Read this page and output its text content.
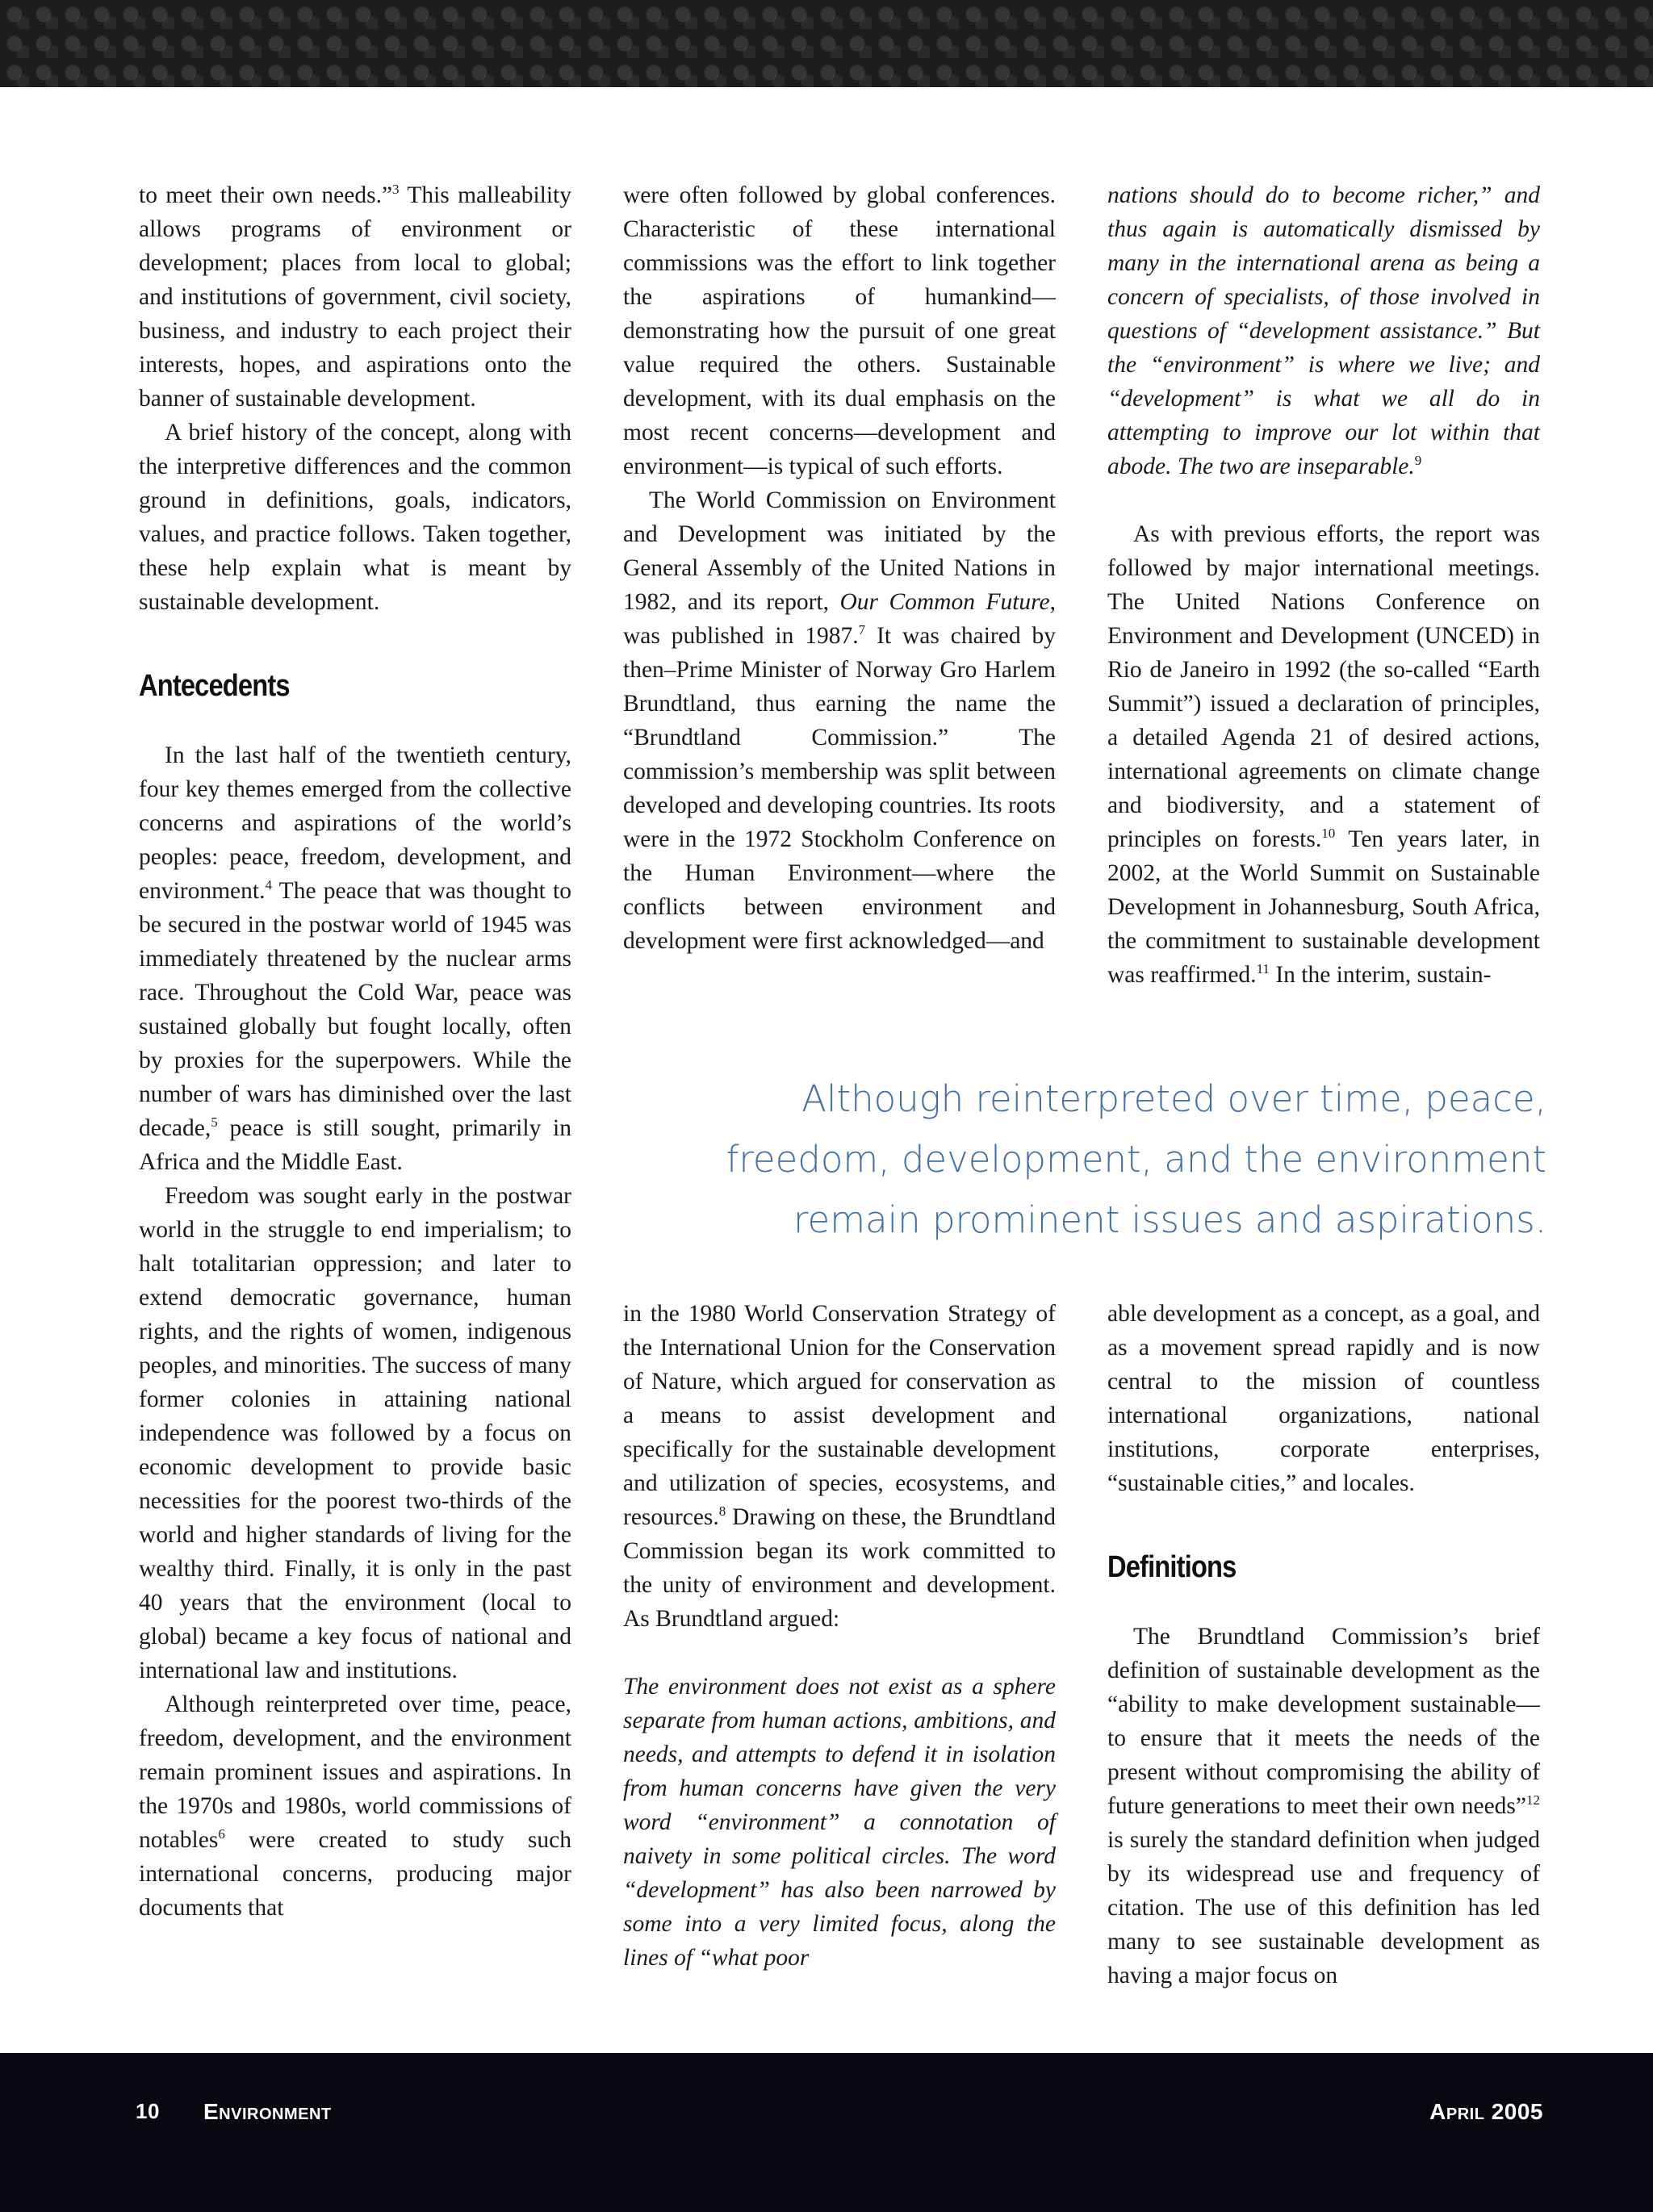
to meet their own needs.”$^3$ This malleability allows programs of environment or development; places from local to global; and institutions of government, civil society, business, and industry to each project their interests, hopes, and aspirations onto the banner of sustainable development.

A brief history of the concept, along with the interpretive differences and the common ground in definitions, goals, indicators, values, and practice follows. Taken together, these help explain what is meant by sustainable development.

Antecedents

In the last half of the twentieth century, four key themes emerged from the collective concerns and aspirations of the world’s peoples: peace, freedom, development, and environment.$^4$ The peace that was thought to be secured in the postwar world of 1945 was immediately threatened by the nuclear arms race. Throughout the Cold War, peace was sustained globally but fought locally, often by proxies for the superpowers. While the number of wars has diminished over the last decade,$^5$ peace is still sought, primarily in Africa and the Middle East.

Freedom was sought early in the postwar world in the struggle to end imperialism; to halt totalitarian oppression; and later to extend democratic governance, human rights, and the rights of women, indigenous peoples, and minorities. The success of many former colonies in attaining national independence was followed by a focus on economic development to provide basic necessities for the poorest two-thirds of the world and higher standards of living for the wealthy third. Finally, it is only in the past 40 years that the environment (local to global) became a key focus of national and international law and institutions.

Although reinterpreted over time, peace, freedom, development, and the environment remain prominent issues and aspirations. In the 1970s and 1980s, world commissions of notables$^6$ were created to study such international concerns, producing major documents that

were often followed by global conferences. Characteristic of these international commissions was the effort to link together the aspirations of humankind—demonstrating how the pursuit of one great value required the others. Sustainable development, with its dual emphasis on the most recent concerns—development and environment—is typical of such efforts.

The World Commission on Environment and Development was initiated by the General Assembly of the United Nations in 1982, and its report, Our Common Future, was published in 1987.$^7$ It was chaired by then–Prime Minister of Norway Gro Harlem Brundtland, thus earning the name the “Brundtland Commission.” The commission’s membership was split between developed and developing countries. Its roots were in the 1972 Stockholm Conference on the Human Environment—where the conflicts between environment and development were first acknowledged—and

nations should do to become richer,” and thus again is automatically dismissed by many in the international arena as being a concern of specialists, of those involved in questions of “development assistance.” But the “environment” is where we live; and “development” is what we all do in attempting to improve our lot within that abode. The two are inseparable.$^9$

As with previous efforts, the report was followed by major international meetings. The United Nations Conference on Environment and Development (UNCED) in Rio de Janeiro in 1992 (the so-called “Earth Summit”) issued a declaration of principles, a detailed Agenda 21 of desired actions, international agreements on climate change and biodiversity, and a statement of principles on forests.$^{10}$ Ten years later, in 2002, at the World Summit on Sustainable Development in Johannesburg, South Africa, the commitment to sustainable development was reaffirmed.$^{11}$ In the interim, sustain-

Although reinterpreted over time, peace,
freedom, development, and the environment
remain prominent issues and aspirations.

in the 1980 World Conservation Strategy of the International Union for the Conservation of Nature, which argued for conservation as a means to assist development and specifically for the sustainable development and utilization of species, ecosystems, and resources.$^8$ Drawing on these, the Brundtland Commission began its work committed to the unity of environment and development. As Brundtland argued:

The environment does not exist as a sphere separate from human actions, ambitions, and needs, and attempts to defend it in isolation from human concerns have given the very word “environment” a connotation of naivety in some political circles. The word “development” has also been narrowed by some into a very limited focus, along the lines of “what poor

able development as a concept, as a goal, and as a movement spread rapidly and is now central to the mission of countless international organizations, national institutions, corporate enterprises, “sustainable cities,” and locales.

Definitions

The Brundtland Commission’s brief definition of sustainable development as the “ability to make development sustainable—to ensure that it meets the needs of the present without compromising the ability of future generations to meet their own needs”$^{12}$ is surely the standard definition when judged by its widespread use and frequency of citation. The use of this definition has led many to see sustainable development as having a major focus on

10 Environment	April 2005
